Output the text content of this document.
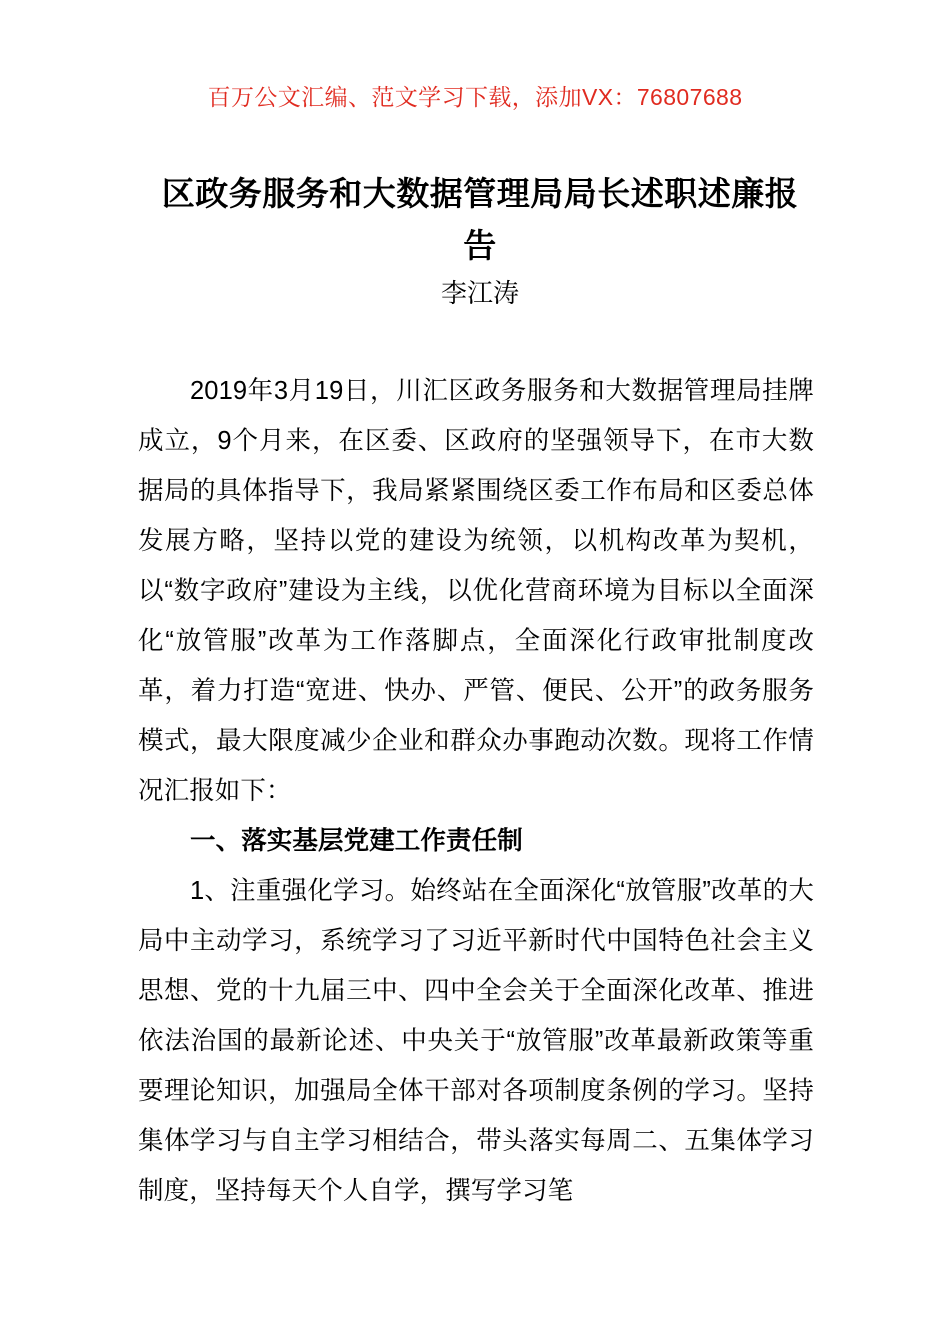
百万公文汇编、范文学习下载，添加VX：76807688
区政务服务和大数据管理局局长述职述廉报告
李江涛

2019年3月19日，川汇区政务服务和大数据管理局挂牌成立，9个月来，在区委、区政府的坚强领导下，在市大数据局的具体指导下，我局紧紧围绕区委工作布局和区委总体发展方略，坚持以党的建设为统领，以机构改革为契机，以“数字政府”建设为主线，以优化营商环境为目标以全面深化“放管服”改革为工作落脚点，全面深化行政审批制度改革，着力打造“宽进、快办、严管、便民、公开”的政务服务模式，最大限度减少企业和群众办事跑动次数。现将工作情况汇报如下：

一、落实基层党建工作责任制

1、注重强化学习。始终站在全面深化“放管服”改革的大局中主动学习，系统学习了习近平新时代中国特色社会主义思想、党的十九届三中、四中全会关于全面深化改革、推进依法治国的最新论述、中央关于“放管服”改革最新政策等重要理论知识，加强局全体干部对各项制度条例的学习。坚持集体学习与自主学习相结合，带头落实每周二、五集体学习制度，坚持每天个人自学，撰写学习笔
